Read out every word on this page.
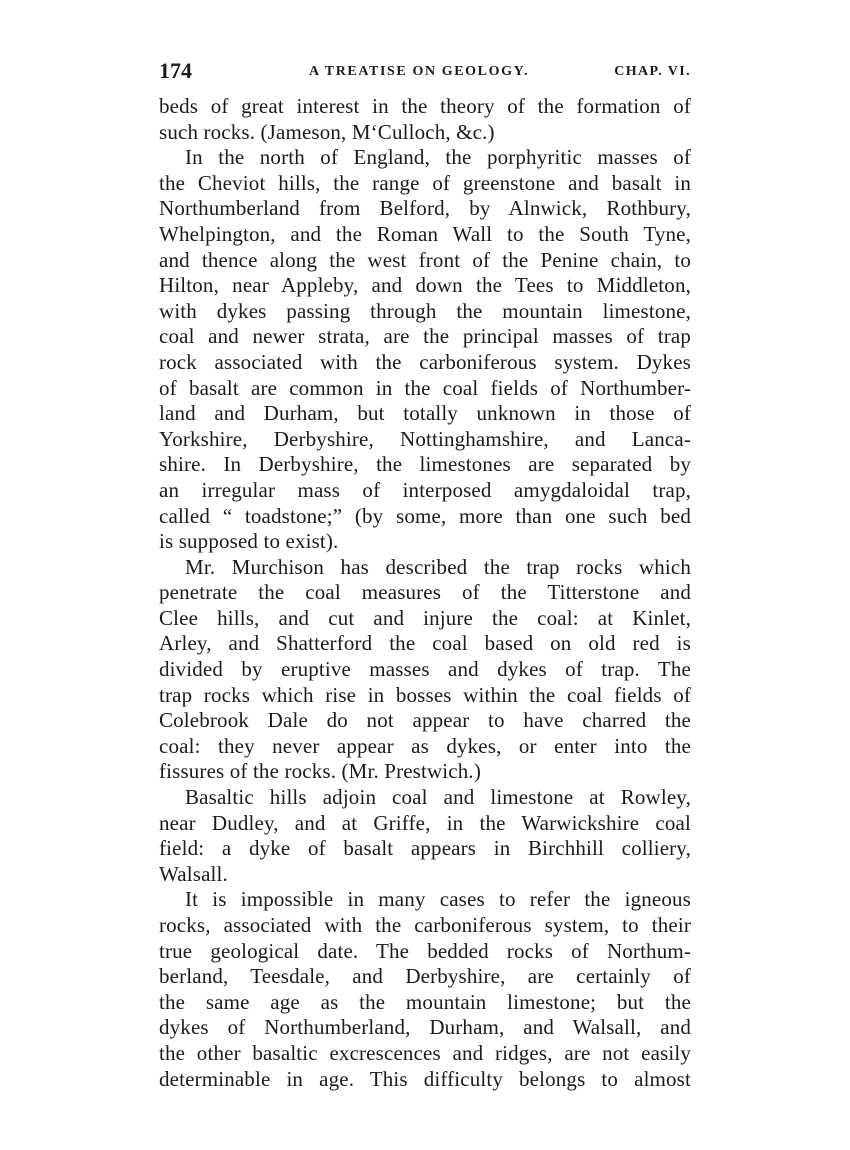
174	A TREATISE ON GEOLOGY.	CHAP. VI.
beds of great interest in the theory of the formation of
such rocks. (Jameson, M‘Culloch, &c.)
In the north of England, the porphyritic masses of
the Cheviot hills, the range of greenstone and basalt in
Northumberland from Belford, by Alnwick, Rothbury,
Whelpington, and the Roman Wall to the South Tyne,
and thence along the west front of the Penine chain, to
Hilton, near Appleby, and down the Tees to Middleton,
with dykes passing through the mountain limestone,
coal and newer strata, are the principal masses of trap
rock associated with the carboniferous system. Dykes
of basalt are common in the coal fields of Northumber-
land and Durham, but totally unknown in those of
Yorkshire, Derbyshire, Nottinghamshire, and Lanca-
shire. In Derbyshire, the limestones are separated by
an irregular mass of interposed amygdaloidal trap,
called “ toadstone;” (by some, more than one such bed
is supposed to exist).
Mr. Murchison has described the trap rocks which
penetrate the coal measures of the Titterstone and
Clee hills, and cut and injure the coal: at Kinlet,
Arley, and Shatterford the coal based on old red is
divided by eruptive masses and dykes of trap. The
trap rocks which rise in bosses within the coal fields of
Colebrook Dale do not appear to have charred the
coal: they never appear as dykes, or enter into the
fissures of the rocks. (Mr. Prestwich.)
Basaltic hills adjoin coal and limestone at Rowley,
near Dudley, and at Griffe, in the Warwickshire coal
field: a dyke of basalt appears in Birchhill colliery,
Walsall.
It is impossible in many cases to refer the igneous
rocks, associated with the carboniferous system, to their
true geological date. The bedded rocks of Northum-
berland, Teesdale, and Derbyshire, are certainly of
the same age as the mountain limestone; but the
dykes of Northumberland, Durham, and Walsall, and
the other basaltic excrescences and ridges, are not easily
determinable in age. This difficulty belongs to almost
